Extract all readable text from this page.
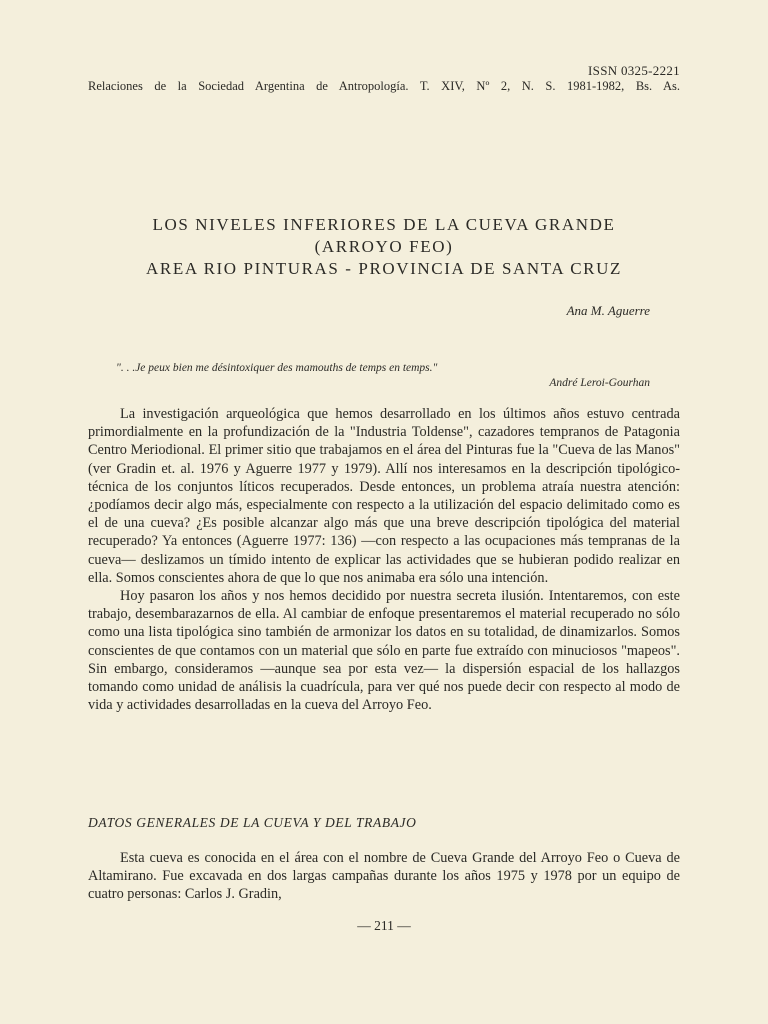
ISSN 0325-2221
Relaciones de la Sociedad Argentina de Antropología. T. XIV, Nº 2, N. S. 1981-1982, Bs. As.
LOS NIVELES INFERIORES DE LA CUEVA GRANDE
(ARROYO FEO)
AREA RIO PINTURAS - PROVINCIA DE SANTA CRUZ
Ana M. Aguerre
". . .Je peux bien me désintoxiquer des mamouths de temps en temps."
André Leroi-Gourhan

La investigación arqueológica que hemos desarrollado en los últimos años estuvo centrada primordialmente en la profundización de la "Industria Toldense", cazadores tempranos de Patagonia Centro Meriodional. El primer sitio que trabajamos en el área del Pinturas fue la "Cueva de las Manos" (ver Gradin et. al. 1976 y Aguerre 1977 y 1979). Allí nos interesamos en la descripción tipológico-técnica de los conjuntos líticos recuperados. Desde entonces, un problema atraía nuestra atención: ¿podíamos decir algo más, especialmente con respecto a la utilización del espacio delimitado como es el de una cueva? ¿Es posible alcanzar algo más que una breve descripción tipológica del material recuperado? Ya entonces (Aguerre 1977: 136) —con respecto a las ocupaciones más tempranas de la cueva— deslizamos un tímido intento de explicar las actividades que se hubieran podido realizar en ella. Somos conscientes ahora de que lo que nos animaba era sólo una intención.

Hoy pasaron los años y nos hemos decidido por nuestra secreta ilusión. Intentaremos, con este trabajo, desembarazarnos de ella. Al cambiar de enfoque presentaremos el material recuperado no sólo como una lista tipológica sino también de armonizar los datos en su totalidad, de dinamizarlos. Somos conscientes de que contamos con un material que sólo en parte fue extraído con minuciosos "mapeos". Sin embargo, consideramos —aunque sea por esta vez— la dispersión espacial de los hallazgos tomando como unidad de análisis la cuadrícula, para ver qué nos puede decir con respecto al modo de vida y actividades desarrolladas en la cueva del Arroyo Feo.

DATOS GENERALES DE LA CUEVA Y DEL TRABAJO

Esta cueva es conocida en el área con el nombre de Cueva Grande del Arroyo Feo o Cueva de Altamirano. Fue excavada en dos largas campañas durante los años 1975 y 1978 por un equipo de cuatro personas: Carlos J. Gradin,

— 211 —
